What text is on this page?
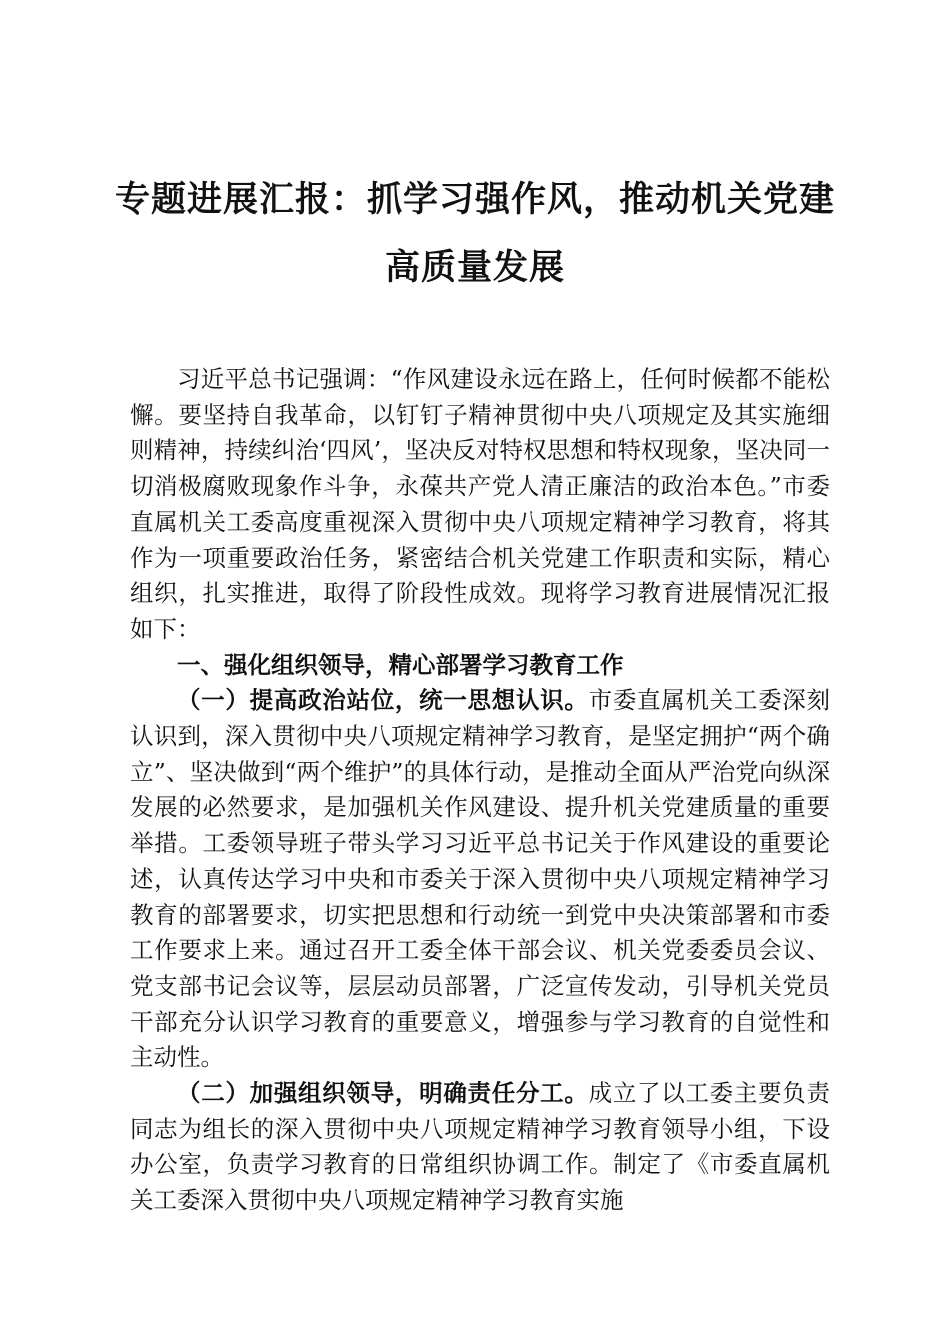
专题进展汇报：抓学习强作风，推动机关党建
高质量发展

习近平总书记强调：“作风建设永远在路上，任何时候都不能松懈。要坚持自我革命，以钉钉子精神贯彻中央八项规定及其实施细则精神，持续纠治‘四风’，坚决反对特权思想和特权现象，坚决同一切消极腐败现象作斗争，永葆共产党人清正廉洁的政治本色。”市委直属机关工委高度重视深入贯彻中央八项规定精神学习教育，将其作为一项重要政治任务，紧密结合机关党建工作职责和实际，精心组织，扎实推进，取得了阶段性成效。现将学习教育进展情况汇报如下：

一、强化组织领导，精心部署学习教育工作

（一）提高政治站位，统一思想认识。市委直属机关工委深刻认识到，深入贯彻中央八项规定精神学习教育，是坚定拥护“两个确立”、坚决做到“两个维护”的具体行动，是推动全面从严治党向纵深发展的必然要求，是加强机关作风建设、提升机关党建质量的重要举措。工委领导班子带头学习习近平总书记关于作风建设的重要论述，认真传达学习中央和市委关于深入贯彻中央八项规定精神学习教育的部署要求，切实把思想和行动统一到党中央决策部署和市委工作要求上来。通过召开工委全体干部会议、机关党委委员会议、党支部书记会议等，层层动员部署，广泛宣传发动，引导机关党员干部充分认识学习教育的重要意义，增强参与学习教育的自觉性和主动性。

（二）加强组织领导，明确责任分工。成立了以工委主要负责同志为组长的深入贯彻中央八项规定精神学习教育领导小组，下设办公室，负责学习教育的日常组织协调工作。制定了《市委直属机关工委深入贯彻中央八项规定精神学习教育实施
